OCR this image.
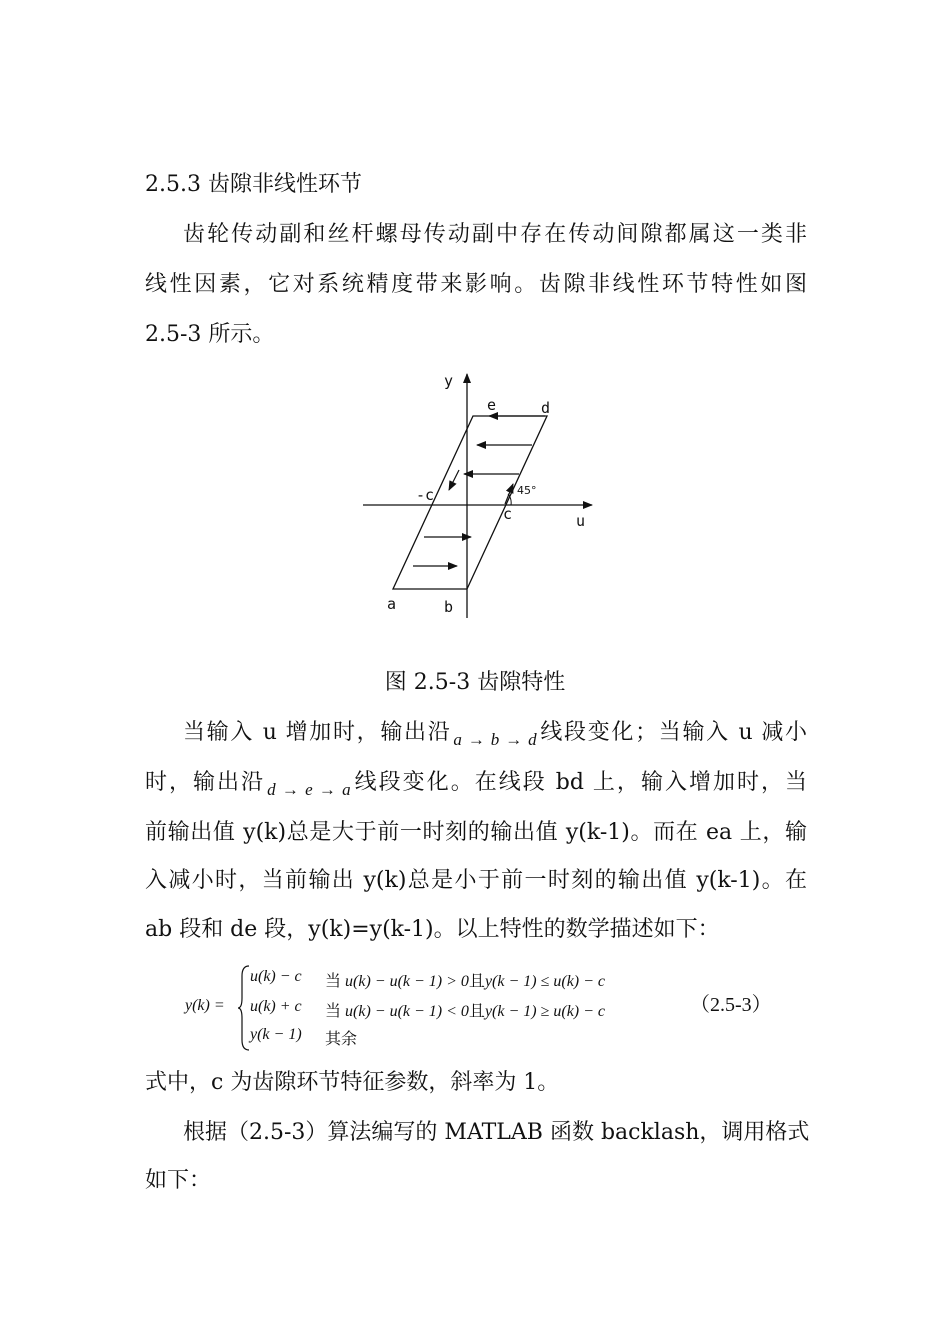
2.5.3 齿隙非线性环节
齿轮传动副和丝杆螺母传动副中存在传动间隙都属这一类非
线性因素，它对系统精度带来影响。齿隙非线性环节特性如图
2.5-3 所示。
y
u
a	b
c
-c
d
e
45°
图 2.5-3 齿隙特性
当输入 u 增加时，输出沿 $_{a \to b \to d}$线段变化；当输入 u 减小
时，输出沿 $_{d \to e \to a}$线段变化。在线段 bd 上，输入增加时，当
前输出值 y(k)总是大于前一时刻的输出值 y(k-1)。而在 ea 上，输
入减小时，当前输出 y(k)总是小于前一时刻的输出值 y(k-1)。在
ab 段和 de 段，y(k)=y(k-1)。以上特性的数学描述如下：
y(k) =
u(k) − c 当 u(k) − u(k − 1) > 0且y(k − 1) ≤ u(k) − c
u(k) + c 当 u(k) − u(k − 1) < 0且y(k − 1) ≥ u(k) − c
y(k − 1) 其余
（2.5-3）
式中，c 为齿隙环节特征参数，斜率为 1。
根据（2.5-3）算法编写的 MATLAB 函数 backlash，调用格式
如下：
